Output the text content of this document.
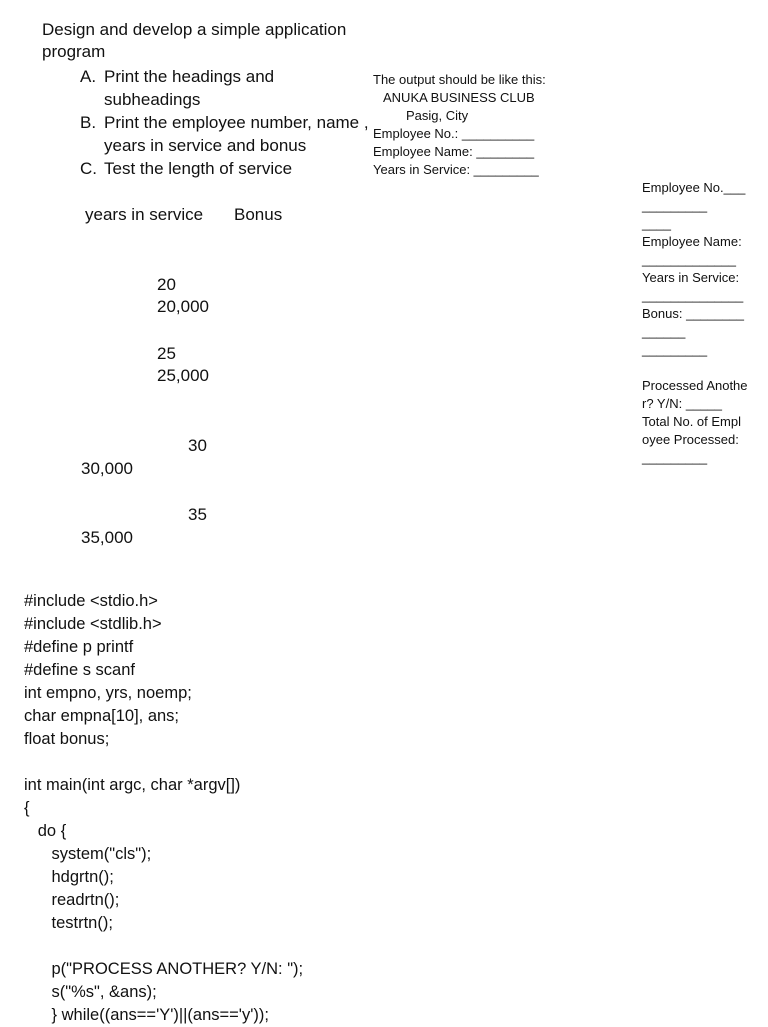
Design and develop a simple application
program
A. Print the headings and subheadings
B. Print the employee number, name , years in service and bonus
C. Test the length of service
The output should be like this:
ANUKA BUSINESS CLUB
Pasig, City
Employee No.: __________
Employee Name: ________
Years in Service: _________
years in service Bonus
20
20,000
25
25,000
30
30,000
35
35,000
Employee No.____________
____
Employee Name: _____________
Years in Service: ______________
Bonus: ______________
_________
Processed Another? Y/N: _____
Total No. of Employee Processed: _________
#include <stdio.h>
#include <stdlib.h>
#define p printf
#define s scanf
int empno, yrs, noemp;
char empna[10], ans;
float bonus;
int main(int argc, char *argv[])
{
do {
system("cls");
hdgrtn();
readrtn();
testrtn();
p("PROCESS ANOTHER? Y/N: ");
s("%s", &ans);
} while((ans=='Y')||(ans=='y'));
